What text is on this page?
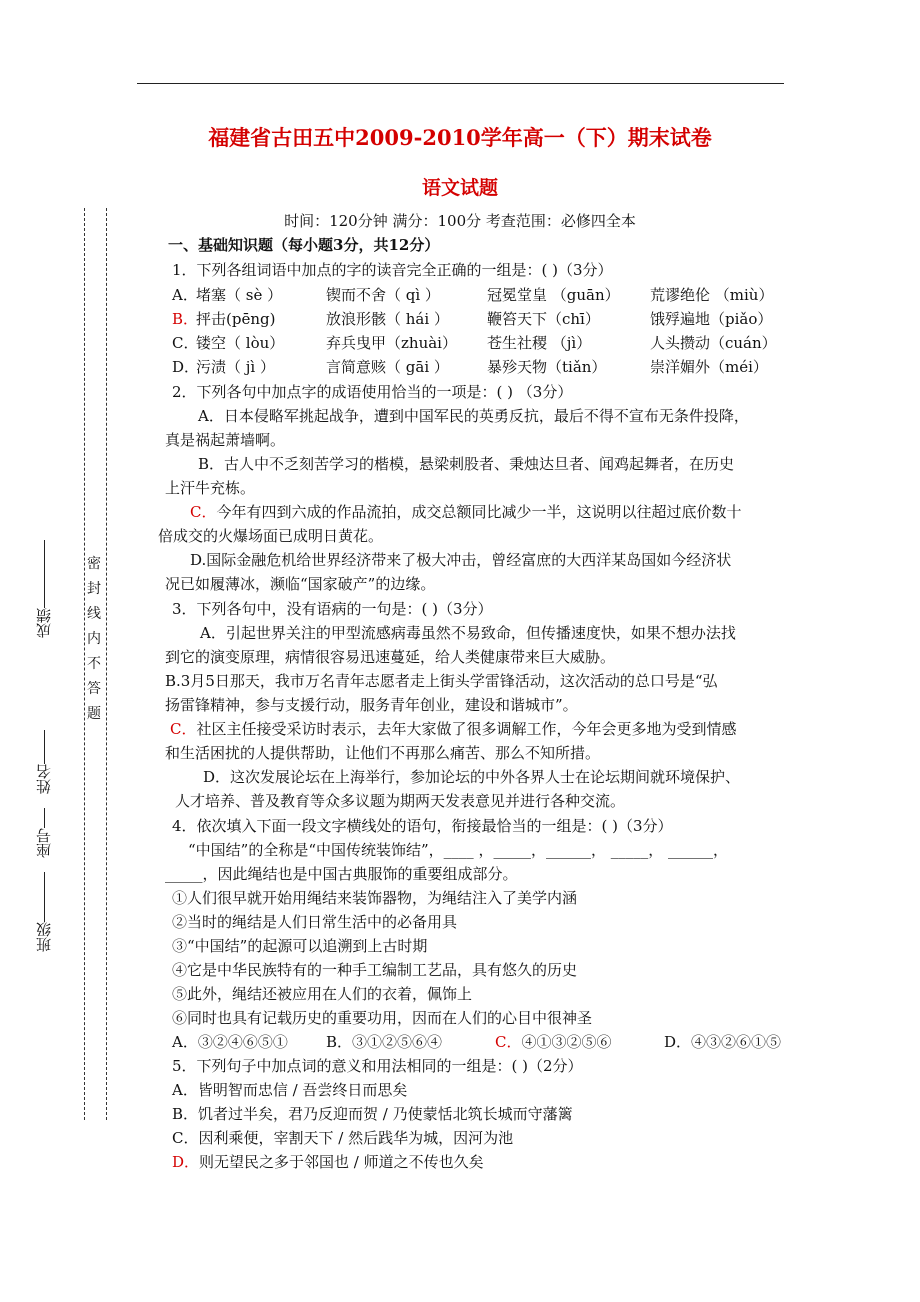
福建省古田五中2009-2010学年高一（下）期末试卷
语文试题
时间：120分钟 满分：100分 考查范围：必修四全本
密
封
线
内
不
答
题
成绩
姓名
座号
班级
一、基础知识题（每小题3分，共12分）
1．下列各组词语中加点的字的读音完全正确的一组是：( )（3分）
A．
堵塞（ sè ）	锲而不舍（ qì ）	冠冕堂皇 （guān） 荒谬绝伦 （miù）
B．
抨击(pēng)	放浪形骸（ hái ）	鞭笞天下（chī）	饿殍遍地（piǎo）
C．
镂空（ lòu）	弃兵曳甲（zhuài） 苍生社稷 （jì）	人头攒动（cuán）
D．
污渍（ jì ）	言简意赅（ gāi ）	暴殄天物（tiǎn）	崇洋媚外（méi）
2．下列各句中加点字的成语使用恰当的一项是：( ) （3分）
A．日本侵略军挑起战争，遭到中国军民的英勇反抗，最后不得不宣布无条件投降，
真是祸起萧墙啊。
B．古人中不乏刻苦学习的楷模，悬梁刺股者、秉烛达旦者、闻鸡起舞者，在历史
上汗牛充栋。
C．今年有四到六成的作品流拍，成交总额同比减少一半，这说明以往超过底价数十
倍成交的火爆场面已成明日黄花。
D.国际金融危机给世界经济带来了极大冲击，曾经富庶的大西洋某岛国如今经济状
况已如履薄冰，濒临“国家破产”的边缘。
3．下列各句中，没有语病的一句是：( )（3分）
A．引起世界关注的甲型流感病毒虽然不易致命，但传播速度快，如果不想办法找
到它的演变原理，病情很容易迅速蔓延，给人类健康带来巨大威胁。
B.3月5日那天，我市万名青年志愿者走上街头学雷锋活动，这次活动的总口号是“弘
扬雷锋精神，参与支援行动，服务青年创业，建设和谐城市”。
C．社区主任接受采访时表示，去年大家做了很多调解工作，今年会更多地为受到情感
和生活困扰的人提供帮助，让他们不再那么痛苦、那么不知所措。
D．这次发展论坛在上海举行，参加论坛的中外各界人士在论坛期间就环境保护、
人才培养、普及教育等众多议题为期两天发表意见并进行各种交流。
4．依次填入下面一段文字横线处的语句，衔接最恰当的一组是：( )（3分）
“中国结”的全称是“中国传统装饰结”，____ ，_____，______， _____， ______，
_____，因此绳结也是中国古典服饰的重要组成部分。
①人们很早就开始用绳结来装饰器物，为绳结注入了美学内涵
②当时的绳结是人们日常生活中的必备用具
③“中国结”的起源可以追溯到上古时期
④它是中华民族特有的一种手工编制工艺品，具有悠久的历史
⑤此外，绳结还被应用在人们的衣着，佩饰上
⑥同时也具有记载历史的重要功用，因而在人们的心目中很神圣
A．③②④⑥⑤①	B．③①②⑤⑥④	C．④①③②⑤⑥	D．④③②⑥①⑤
5．下列句子中加点词的意义和用法相同的一组是：( )（2分）
A．皆明智而忠信 / 吾尝终日而思矣
B．饥者过半矣，君乃反迎而贺 / 乃使蒙恬北筑长城而守藩篱
C．因利乘便，宰割天下 / 然后践华为城，因河为池
D．则无望民之多于邻国也 / 师道之不传也久矣
